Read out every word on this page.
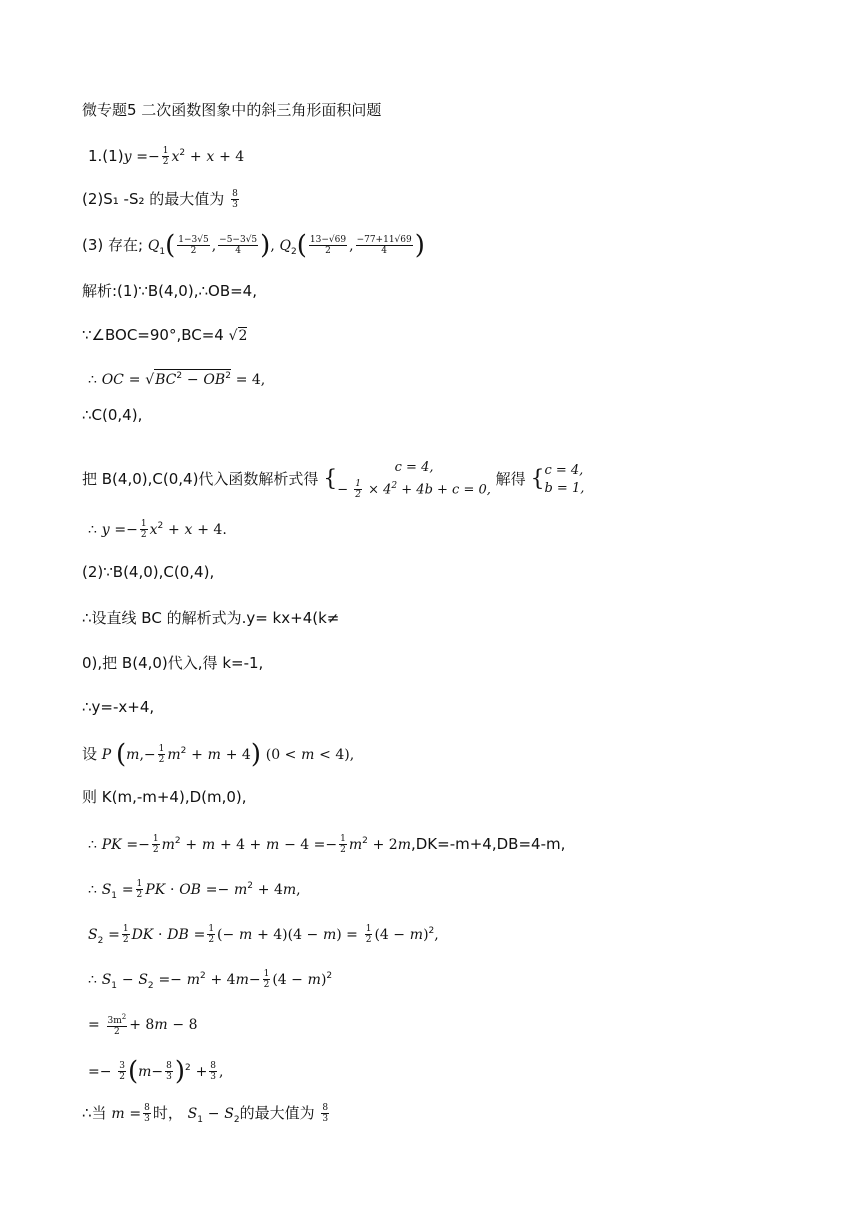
微专题5 二次函数图象中的斜三角形面积问题
$1.(1)y =- \frac{1}{2} x^2 + x + 4$
(2)S₁ -S₂ 的最大值为 $\frac{8}{3}$
(3) 存在; $Q_1( \frac{1-3√5}{2}$ , $\frac{-5-3√5}{4}$ ), $Q_2( \frac{13-√69}{2}$ , $\frac{-77+11√69}{4}$ )
解析:(1)∵B(4,0),∴OB=4,
∵∠BOC=90°,BC=4 √2
∴ OC = $√BC^2 - OB^2 = 4$,
∴C(0,4),
把 B(4,0),C(0,4)代入函数解析式得 {	c = 4,
− $\frac{1}{2} \times 4^2 + 4b + c = 0$,
解得 { c = 4,
b = 1,
∴ $y =- \frac{1}{2} x^2 + x + 4$.
(2)∵B(4,0),C(0,4),
∴设直线 BC 的解析式为.y= kx+4(k≠
0),把 B(4,0)代入,得 k=-1,
∴y=-x+4,
设 P $(m,- \frac{1}{2} m^2 + m + 4)$ (0 < m < 4),
则 K(m,-m+4),D(m,0),
∴ PK =− $\frac{1}{2} m^2 + m + 4 + m - 4 =- \frac{1}{2} m^2 + 2m,DK=-m+4,DB=4-m$,
∴ $S_1 = \frac{1}{2}$ PK · OB =− $m^2 + 4m$,
$S_2 = \frac{1}{2}$ DK · DB = $\frac{1}{2}$ (− $m + 4)(4 - m) = \frac{1}{2} (4 - m)^2$,
∴ $S_1 - S_2 =- m^2 + 4m- \frac{1}{2} (4 - m)^2$
= $\frac{3m^2}{2} + 8m - 8$
=− $\frac{3}{2} (m- \frac{8}{3} )^2 + \frac{8}{3}$ ,
∴当 $m = \frac{8}{3}$ 时， $S_1 - S_2$的最大值为 $\frac{8}{3}$
